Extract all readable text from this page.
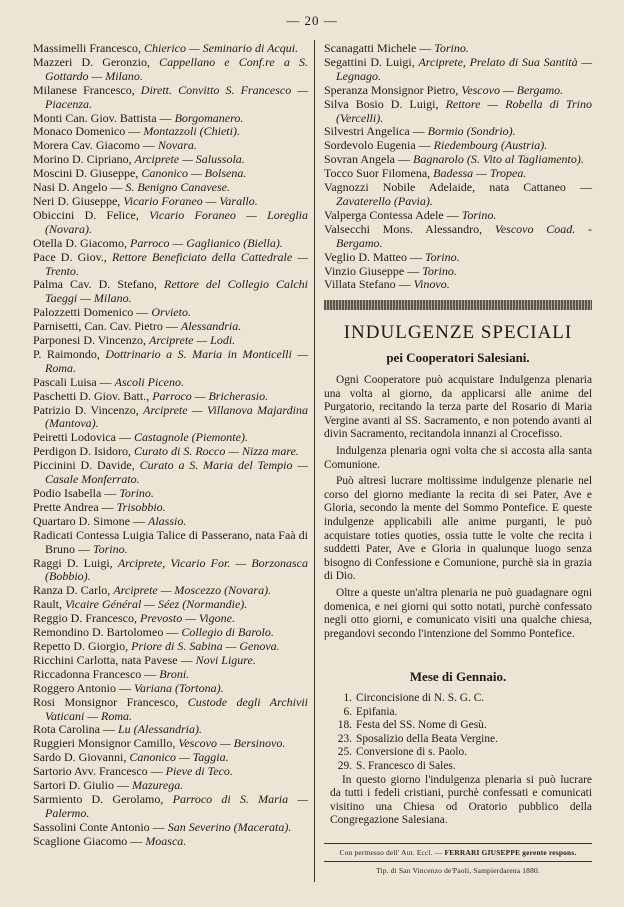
— 20 —
Massimelli Francesco, Chierico — Seminario di Acqui.
Mazzeri D. Geronzio, Cappellano e Conf.re a S. Gottardo — Milano.
Milanese Francesco, Dirett. Convitto S. Francesco — Piacenza.
Monti Can. Giov. Battista — Borgomanero.
Monaco Domenico — Montazzoli (Chieti).
Morera Cav. Giacomo — Novara.
Morino D. Cipriano, Arciprete — Salussola.
Moscini D. Giuseppe, Canonico — Bolsena.
Nasi D. Angelo — S. Benigno Canavese.
Neri D. Giuseppe, Vicario Foraneo — Varallo.
Obiccini D. Felice, Vicario Foraneo — Loreglia (Novara).
Otella D. Giacomo, Parroco — Gaglianico (Biella).
Pace D. Giov., Rettore Beneficiato della Cattedrale — Trento.
Palma Cav. D. Stefano, Rettore del Collegio Calchi Taeggi — Milano.
Palozzetti Domenico — Orvieto.
Parnisetti, Can. Cav. Pietro — Alessandria.
Parponesi D. Vincenzo, Arciprete — Lodi.
P. Raimondo, Dottrinario a S. Maria in Monticelli — Roma.
Pascali Luisa — Ascoli Piceno.
Paschetti D. Giov. Batt., Parroco — Bricherasio.
Patrizio D. Vincenzo, Arciprete — Villanova Majardina (Mantova).
Peiretti Lodovica — Castagnole (Piemonte).
Perdigon D. Isidoro, Curato di S. Rocco — Nizza mare.
Piccinini D. Davide, Curato a S. Maria del Tempio — Casale Monferrato.
Podio Isabella — Torino.
Prette Andrea — Trisobbio.
Quartaro D. Simone — Alassio.
Radicati Contessa Luigia Talice di Passerano, nata Faà di Bruno — Torino.
Raggi D. Luigi, Arciprete, Vicario For. — Borzonasca (Bobbio).
Ranza D. Carlo, Arciprete — Moscezzo (Novara).
Rault, Vicaire Général — Séez (Normandie).
Reggio D. Francesco, Prevosto — Vigone.
Remondino D. Bartolomeo — Collegio di Barolo.
Repetto D. Giorgio, Priore di S. Sabina — Genova.
Ricchini Carlotta, nata Pavese — Novi Ligure.
Riccadonna Francesco — Broni.
Roggero Antonio — Variana (Tortona).
Rosi Monsignor Francesco, Custode degli Archivii Vaticani — Roma.
Rota Carolina — Lu (Alessandria).
Ruggieri Monsignor Camillo, Vescovo — Bersinovo.
Sardo D. Giovanni, Canonico — Taggia.
Sartorio Avv. Francesco — Pieve di Teco.
Sartori D. Giulio — Mazurega.
Sarmiento D. Gerolamo, Parroco di S. Maria — Palermo.
Sassolini Conte Antonio — San Severino (Macerata).
Scaglione Giacomo — Moasca.
Scanagatti Michele — Torino.
Segattini D. Luigi, Arciprete, Prelato di Sua Santità — Legnago.
Speranza Monsignor Pietro, Vescovo — Bergamo.
Silva Bosio D. Luigi, Rettore — Robella di Trino (Vercelli).
Silvestri Angelica — Bormio (Sondrio).
Sordevolo Eugenia — Riedembourg (Austria).
Sovran Angela — Bagnarolo (S. Vito al Tagliamento).
Tocco Suor Filomena, Badessa — Tropea.
Vagnozzi Nobile Adelaide, nata Cattaneo — Zavaterello (Pavia).
Valperga Contessa Adele — Torino.
Valsecchi Mons. Alessandro, Vescovo Coad. - Bergamo.
Veglio D. Matteo — Torino.
Vinzio Giuseppe — Torino.
Villata Stefano — Vinovo.
INDULGENZE SPECIALI
pei Cooperatori Salesiani.

Ogni Cooperatore può acquistare Indulgenza plenaria una volta al giorno, da applicarsi alle anime del Purgatorio, recitando la terza parte del Rosario di Maria Vergine avanti al SS. Sacramento, e non potendo avanti al divin Sacramento, recitandola innanzi al Crocefisso.

Indulgenza plenaria ogni volta che si accosta alla santa Comunione.

Può altresì lucrare moltissime indulgenze plenarie nel corso del giorno mediante la recita di sei Pater, Ave e Gloria, secondo la mente del Sommo Pontefice. E queste indulgenze applicabili alle anime purganti, le può acquistare toties quoties, ossia tutte le volte che recita i suddetti Pater, Ave e Gloria in qualunque luogo senza bisogno di Confessione e Comunione, purchè sia in grazia di Dio.

Oltre a queste un'altra plenaria ne può guadagnare ogni domenica, e nei giorni qui sotto notati, purchè confessato negli otto giorni, e comunicato visiti una qualche chiesa, pregandovi secondo l'intenzione del Sommo Pontefice.

Mese di Gennaio.
1. Circoncisione di N. S. G. C.
6. Epifania.
18. Festa del SS. Nome di Gesù.
23. Sposalizio della Beata Vergine.
25. Conversione di s. Paolo.
29. S. Francesco di Sales.
In questo giorno l'indulgenza plenaria si può lucrare da tutti i fedeli cristiani, purchè confessati e comunicati visitino una Chiesa od Oratorio pubblico della Congregazione Salesiana.
Con permesso dell' Aut. Eccl. — FERRARI GIUSEPPE gerente respons.
Tip. di San Vincenzo de'Paoli, Sampierdarena 1880.
